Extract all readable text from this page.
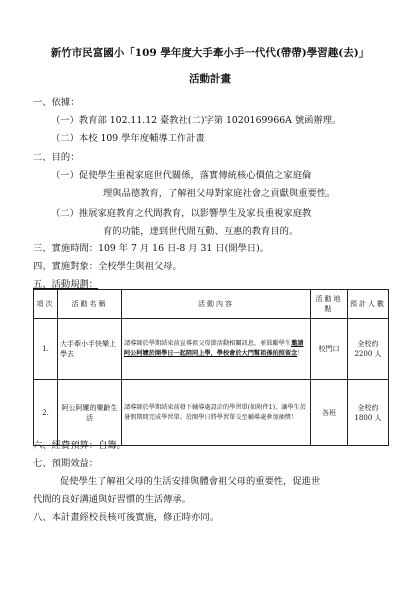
新竹市民富國小「109 學年度大手牽小手一代代(帶帶)學習趣(去)」
活動計畫
一、依據：
（一）教育部 102.11.12 臺教社(二)字第 1020169966A 號函辦理。
（二）本校 109 學年度輔導工作計畫
二、目的：
（一）促使學生重視家庭世代關係，落實傳統核心價值之家庭倫
理與品德教育，了解祖父母對家庭社會之貢獻與重要性。
（二）推展家庭教育之代間教育，以影響學生及家長重視家庭教
育的功能，達到世代間互動、互惠的教育目的。
三、實施時間：109 年 7 月 16 日-8 月 31 日(開學日)。
四、實施對象：全校學生與祖父母。
五、活動規劃：
項次	活動名稱	活動內容	活動地點	預計人數
1.	大手牽小手快樂上學去	請導師於學期結束前宣導祖父母節活動相關訊息，並鼓勵學生邀請阿公阿嬤於開學日一起陪同上學，學校會於大門幫祖孫拍照留念！	校門口	全校約2200 人
2.	阿公阿嬤的樂齡生活	請導師於學期結束前發下輔導處設計的學習單(如附件1)，讓學生於暑假期間完成學習單。於開學日將學習單交至輔導處參加抽獎！	各班	全校約1800 人
六、經費預算：自籌。
七、預期效益：
促使學生了解祖父母的生活安排與體會祖父母的重要性，促進世
代間的良好溝通與好習慣的生活傳承。
八、本計畫經校長核可後實施，修正時亦同。
